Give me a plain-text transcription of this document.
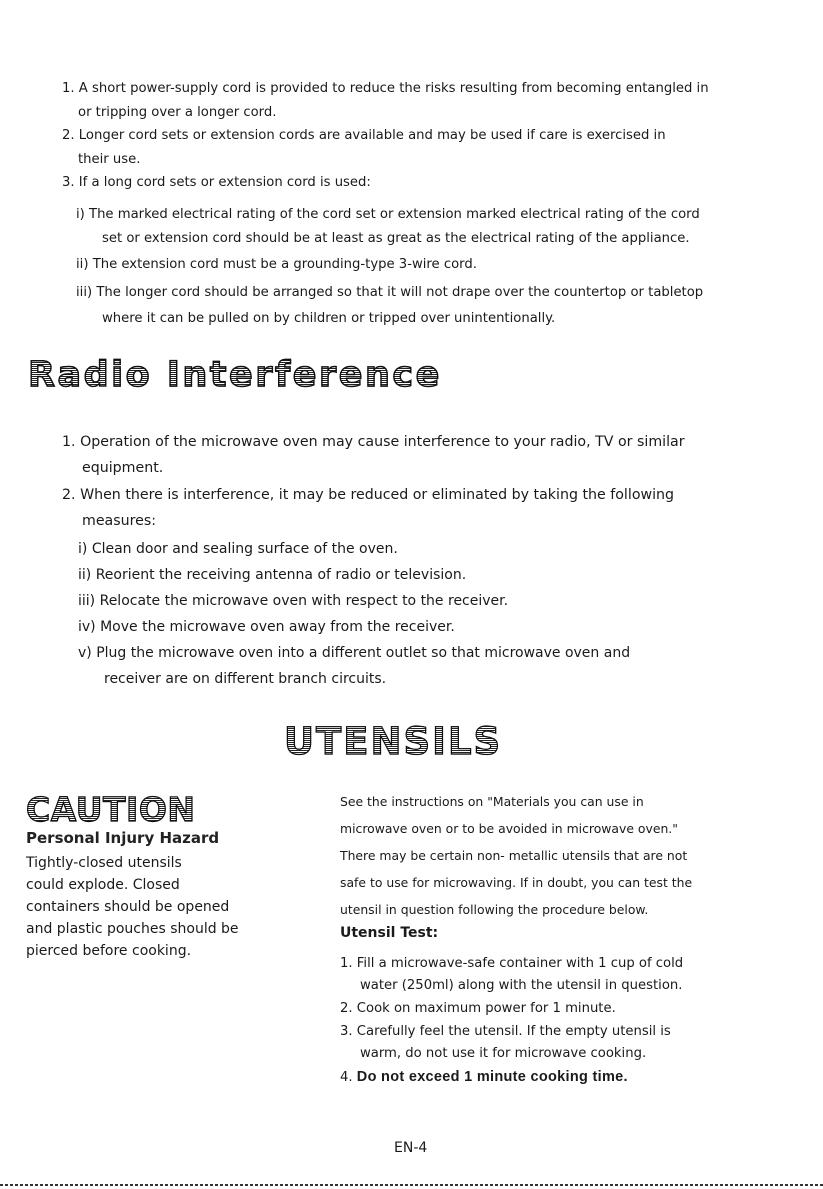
1. A short power-supply cord is provided to reduce the risks resulting from becoming entangled in
or tripping over a longer cord.
2. Longer cord sets or extension cords are available and may be used if care is exercised in
their use.
3. If a long cord sets or extension cord is used:
i) The marked electrical rating of the cord set or extension marked electrical rating of the cord
set or extension cord should be at least as great as the electrical rating of the appliance.
ii) The extension cord must be a grounding-type 3-wire cord.
iii) The longer cord should be arranged so that it will not drape over the countertop or tabletop
where it can be pulled on by children or tripped over unintentionally.
Radio Interference
1. Operation of the microwave oven may cause interference to your radio, TV or similar
equipment.
2. When there is interference, it may be reduced or eliminated by taking the following
measures:
i) Clean door and sealing surface of the oven.
ii) Reorient the receiving antenna of radio or television.
iii) Relocate the microwave oven with respect to the receiver.
iv) Move the microwave oven away from the receiver.
v) Plug the microwave oven into a different outlet so that microwave oven and
receiver are on different branch circuits.
UTENSILS
CAUTION
Personal Injury Hazard
Tightly-closed utensils
could explode. Closed
containers should be opened
and plastic pouches should be
pierced before cooking.
See the instructions on "Materials you can use in
microwave oven or to be avoided in microwave oven."
There may be certain non- metallic utensils that are not
safe to use for microwaving. If in doubt, you can test the
utensil in question following the procedure below.
Utensil Test:
1. Fill a microwave-safe container with 1 cup of cold
water (250ml) along with the utensil in question.
2. Cook on maximum power for 1 minute.
3. Carefully feel the utensil. If the empty utensil is
warm, do not use it for microwave cooking.
4. Do not exceed 1 minute cooking time.
EN-4
